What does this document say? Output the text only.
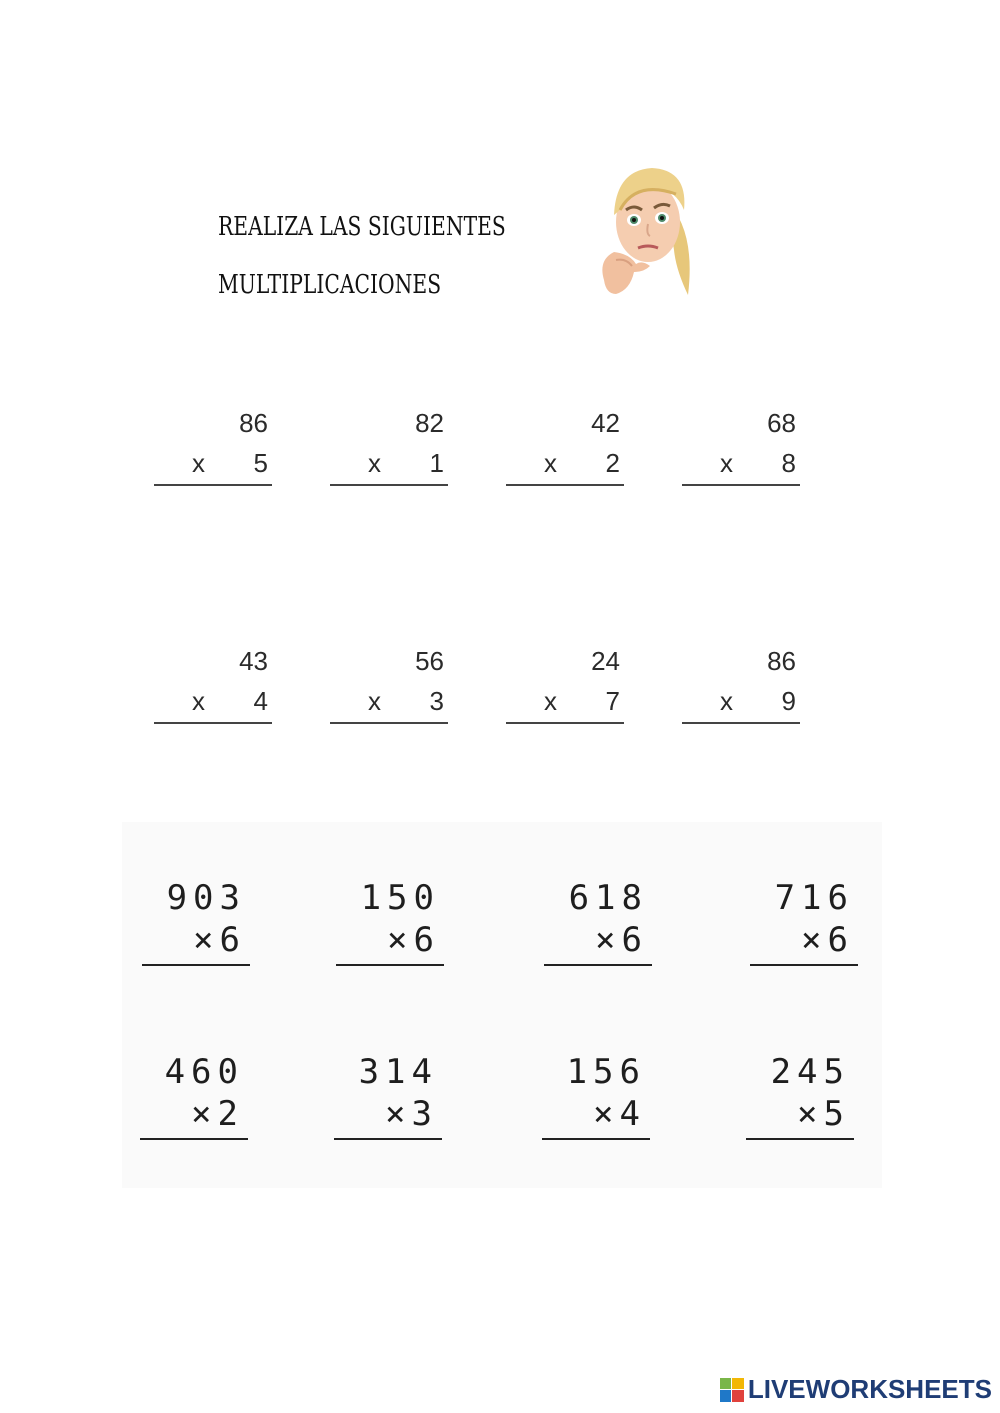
REALIZA LAS SIGUIENTES
MULTIPLICACIONES
86
x 5
82
x 1
42
x 2
68
x 8
43
x 4
56
x 3
24
x 7
86
x 9
903
×6
150
×6
618
×6
716
×6
460
×2
314
×3
156
×4
245
×5
LIVEWORKSHEETS
